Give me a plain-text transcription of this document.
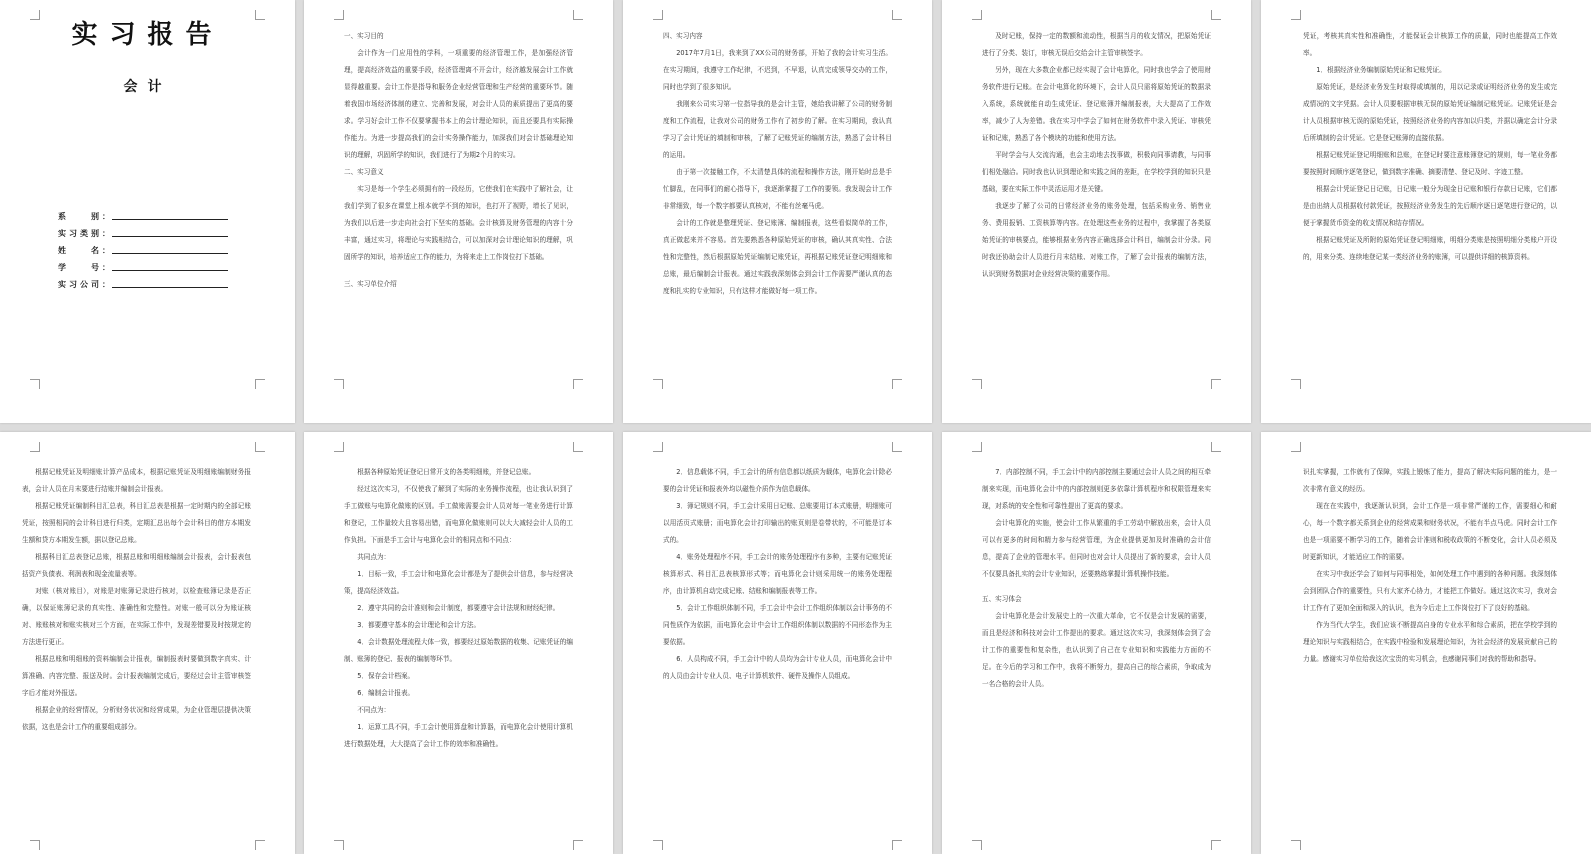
实习报告
会计
系　　别：
实习类别：
姓　　名：
学　　号：
实习公司：

一、实习目的

会计作为一门应用性的学科，一项重要的经济管理工作，是加强经济管理，提高经济效益的重要手段，经济管理离不开会计，经济越发展会计工作就显得越重要。会计工作是指导和服务企业经营管理和生产经营的重要环节。随着我国市场经济体制的建立、完善和发展，对会计人员的素质提出了更高的要求。学习好会计工作不仅要掌握书本上的会计理论知识，而且还要具有实际操作能力。为进一步提高我们的会计实务操作能力，加深我们对会计基础理论知识的理解，巩固所学的知识，我们进行了为期2个月的实习。

二、实习意义

实习是每一个学生必须拥有的一段经历，它使我们在实践中了解社会，让我们学到了很多在课堂上根本就学不到的知识，也打开了视野，增长了见识，为我们以后进一步走向社会打下坚实的基础。会计核算及财务管理的内容十分丰富，通过实习，将理论与实践相结合，可以加深对会计理论知识的理解，巩固所学的知识，培养适应工作的能力，为将来走上工作岗位打下基础。

三、实习单位介绍

四、实习内容

2017年7月1日，我来到了XX公司的财务部，开始了我的会计实习生活。在实习期间，我遵守工作纪律，不迟到，不早退，认真完成领导交办的工作，同时也学到了很多知识。

我刚来公司实习第一位指导我的是会计主管，她给我讲解了公司的财务制度和工作流程，让我对公司的财务工作有了初步的了解。在实习期间，我认真学习了会计凭证的填制和审核，了解了记账凭证的编制方法，熟悉了会计科目的运用。

由于第一次接触工作，不太清楚具体的流程和操作方法，刚开始时总是手忙脚乱，在同事们的耐心指导下，我逐渐掌握了工作的要领。我发现会计工作非常细致，每一个数字都要认真核对，不能有丝毫马虎。

会计的工作就是整理凭证、登记账簿、编制报表，这些看似简单的工作，真正做起来并不容易。首先要熟悉各种原始凭证的审核，确认其真实性、合法性和完整性，然后根据原始凭证编制记账凭证，再根据记账凭证登记明细账和总账，最后编制会计报表。通过实践我深刻体会到会计工作需要严谨认真的态度和扎实的专业知识，只有这样才能做好每一项工作。

及时记账，保持一定的数额和流动性，根据当月的收支情况，把原始凭证进行了分类、装订，审核无误后交给会计主管审核签字。

另外，现在大多数企业都已经实现了会计电算化，同时我也学会了使用财务软件进行记账。在会计电算化的环境下，会计人员只需将原始凭证的数据录入系统，系统就能自动生成凭证、登记账簿并编制报表，大大提高了工作效率，减少了人为差错。我在实习中学会了如何在财务软件中录入凭证、审核凭证和记账，熟悉了各个模块的功能和使用方法。

平时学会与人交流沟通，也会主动地去找事做，积极向同事请教，与同事们相处融洽。同时我也认识到理论和实践之间的差距，在学校学到的知识只是基础，要在实际工作中灵活运用才是关键。

我逐步了解了公司的日常经济业务的账务处理，包括采购业务、销售业务、费用报销、工资核算等内容。在处理这些业务的过程中，我掌握了各类原始凭证的审核要点，能够根据业务内容正确选择会计科目，编制会计分录。同时我还协助会计人员进行月末结账、对账工作，了解了会计报表的编制方法，认识到财务数据对企业经营决策的重要作用。

凭证，考核其真实性和准确性，才能保证会计核算工作的质量，同时也能提高工作效率。

1．根据经济业务编制原始凭证和记账凭证。

原始凭证，是经济业务发生时取得或填制的，用以记录或证明经济业务的发生或完成情况的文字凭据。会计人员要根据审核无误的原始凭证编制记账凭证。记账凭证是会计人员根据审核无误的原始凭证，按照经济业务的内容加以归类，并据以确定会计分录后所填制的会计凭证。它是登记账簿的直接依据。

根据记账凭证登记明细账和总账，在登记时要注意账簿登记的规则，每一笔业务都要按照时间顺序逐笔登记，做到数字准确、摘要清楚、登记及时、字迹工整。

根据会计凭证登记日记账，日记账一般分为现金日记账和银行存款日记账，它们都是由出纳人员根据收付款凭证，按照经济业务发生的先后顺序逐日逐笔进行登记的，以便于掌握货币资金的收支情况和结存情况。

根据记账凭证及所附的原始凭证登记明细账，明细分类账是按照明细分类账户开设的，用来分类、连续地登记某一类经济业务的账簿，可以提供详细的核算资料。

根据记账凭证及明细账计算产品成本，根据记账凭证及明细账编制财务报表，会计人员在月末要进行结账并编制会计报表。

根据记账凭证编制科目汇总表，科目汇总表是根据一定时期内的全部记账凭证，按照相同的会计科目进行归类，定期汇总出每个会计科目的借方本期发生额和贷方本期发生额，据以登记总账。

根据科目汇总表登记总账，根据总账和明细账编制会计报表，会计报表包括资产负债表、利润表和现金流量表等。

对账（核对账目），对账是对账簿记录进行核对，以检查账簿记录是否正确，以保证账簿记录的真实性、准确性和完整性。对账一般可以分为账证核对、账账核对和账实核对三个方面，在实际工作中，发现差错要及时按规定的方法进行更正。

根据总账和明细账的资料编制会计报表，编制报表时要做到数字真实、计算准确、内容完整、报送及时。会计报表编制完成后，要经过会计主管审核签字后才能对外报送。

根据企业的经营情况，分析财务状况和经营成果，为企业管理层提供决策依据，这也是会计工作的重要组成部分。

根据各种原始凭证登记日常开支的各类明细账，并登记总账。

经过这次实习，不仅使我了解到了实际的业务操作流程，也让我认识到了手工做账与电算化做账的区别。手工做账需要会计人员对每一笔业务进行计算和登记，工作量较大且容易出错，而电算化做账则可以大大减轻会计人员的工作负担。下面是手工会计与电算化会计的相同点和不同点：

共同点为：

1．目标一致，手工会计和电算化会计都是为了提供会计信息，参与经营决策，提高经济效益。

2．遵守共同的会计准则和会计制度，都要遵守会计法规和财经纪律。

3．都要遵守基本的会计理论和会计方法。

4．会计数据处理流程大体一致，都要经过原始数据的收集、记账凭证的编制、账簿的登记、报表的编制等环节。

5．保存会计档案。

6．编制会计报表。

不同点为：

1．运算工具不同，手工会计使用算盘和计算器，而电算化会计使用计算机进行数据处理，大大提高了会计工作的效率和准确性。

2．信息载体不同，手工会计的所有信息都以纸质为载体，电算化会计除必要的会计凭证和报表外均以磁性介质作为信息载体。

3．簿记规则不同，手工会计采用日记账、总账要用订本式账册，明细账可以用活页式账册；而电算化会计打印输出的账页则是卷带状的，不可能是订本式的。

4．账务处理程序不同，手工会计的账务处理程序有多种，主要有记账凭证核算形式、科目汇总表核算形式等；而电算化会计则采用统一的账务处理程序，由计算机自动完成记账、结账和编制报表等工作。

5．会计工作组织体制不同，手工会计中会计工作组织体制以会计事务的不同性质作为依据，而电算化会计中会计工作组织体制以数据的不同形态作为主要依据。

6．人员构成不同，手工会计中的人员均为会计专业人员，而电算化会计中的人员由会计专业人员、电子计算机软件、硬件及操作人员组成。

7．内部控制不同，手工会计中的内部控制主要通过会计人员之间的相互牵制来实现，而电算化会计中的内部控制则更多依靠计算机程序和权限管理来实现，对系统的安全性和可靠性提出了更高的要求。

会计电算化的实施，使会计工作从繁重的手工劳动中解放出来，会计人员可以有更多的时间和精力参与经营管理，为企业提供更加及时准确的会计信息，提高了企业的管理水平。但同时也对会计人员提出了新的要求，会计人员不仅要具备扎实的会计专业知识，还要熟练掌握计算机操作技能。

五、实习体会

会计电算化是会计发展史上的一次重大革命，它不仅是会计发展的需要，而且是经济和科技对会计工作提出的要求。通过这次实习，我深刻体会到了会计工作的重要性和复杂性，也认识到了自己在专业知识和实践能力方面的不足。在今后的学习和工作中，我将不断努力，提高自己的综合素质，争取成为一名合格的会计人员。

识扎实掌握，工作就有了保障，实践上锻炼了能力，提高了解决实际问题的能力，是一次非常有意义的经历。

现在在实践中，我逐渐认识到，会计工作是一项非常严谨的工作，需要细心和耐心，每一个数字都关系到企业的经营成果和财务状况，不能有半点马虎。同时会计工作也是一项需要不断学习的工作，随着会计准则和税收政策的不断变化，会计人员必须及时更新知识，才能适应工作的需要。

在实习中我还学会了如何与同事相处，如何处理工作中遇到的各种问题。我深刻体会到团队合作的重要性，只有大家齐心协力，才能把工作做好。通过这次实习，我对会计工作有了更加全面和深入的认识，也为今后走上工作岗位打下了良好的基础。

作为当代大学生，我们应该不断提高自身的专业水平和综合素质，把在学校学到的理论知识与实践相结合，在实践中检验和发展理论知识，为社会经济的发展贡献自己的力量。感谢实习单位给我这次宝贵的实习机会，也感谢同事们对我的帮助和指导。
